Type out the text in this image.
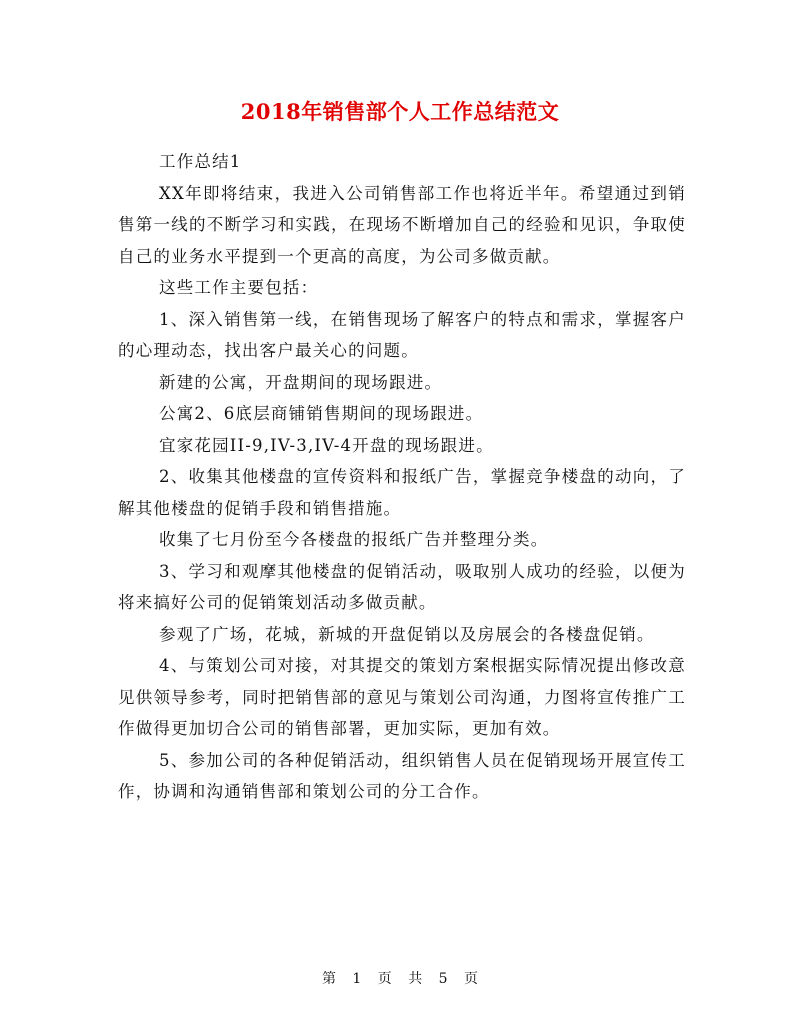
2018年销售部个人工作总结范文

工作总结1

XX年即将结束，我进入公司销售部工作也将近半年。希望通过到销售第一线的不断学习和实践，在现场不断增加自己的经验和见识，争取使自己的业务水平提到一个更高的高度，为公司多做贡献。

这些工作主要包括：

1、深入销售第一线，在销售现场了解客户的特点和需求，掌握客户的心理动态，找出客户最关心的问题。

新建的公寓，开盘期间的现场跟进。

公寓2、6底层商铺销售期间的现场跟进。

宜家花园II-9,IV-3,IV-4开盘的现场跟进。

2、收集其他楼盘的宣传资料和报纸广告，掌握竞争楼盘的动向，了解其他楼盘的促销手段和销售措施。

收集了七月份至今各楼盘的报纸广告并整理分类。

3、学习和观摩其他楼盘的促销活动，吸取别人成功的经验，以便为将来搞好公司的促销策划活动多做贡献。

参观了广场，花城，新城的开盘促销以及房展会的各楼盘促销。

4、与策划公司对接，对其提交的策划方案根据实际情况提出修改意见供领导参考，同时把销售部的意见与策划公司沟通，力图将宣传推广工作做得更加切合公司的销售部署，更加实际，更加有效。

5、参加公司的各种促销活动，组织销售人员在促销现场开展宣传工作，协调和沟通销售部和策划公司的分工合作。

第 1 页 共 5 页
